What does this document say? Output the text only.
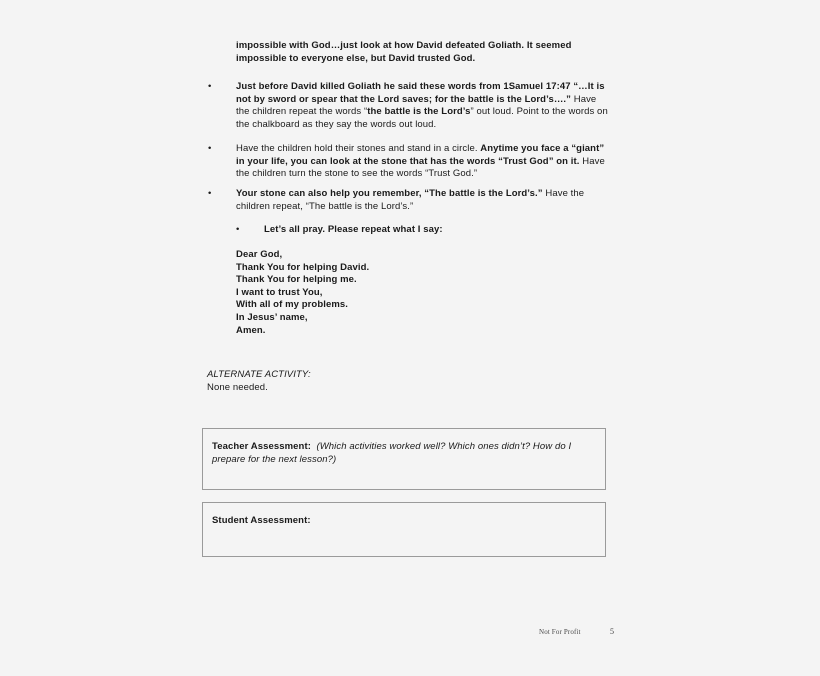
impossible with God…just look at how David defeated Goliath. It seemed
impossible to everyone else, but David trusted God.
•	Just before David killed Goliath he said these words from 1Samuel 17:47 “…It is not by sword or spear that the Lord saves; for the battle is the Lord’s….” Have the children repeat the words “the battle is the Lord’s” out loud. Point to the words on the chalkboard as they say the words out loud.
•	Have the children hold their stones and stand in a circle. Anytime you face a “giant” in your life, you can look at the stone that has the words “Trust God” on it. Have the children turn the stone to see the words “Trust God.”
•	Your stone can also help you remember, “The battle is the Lord’s.” Have the children repeat, “The battle is the Lord’s.”
•	Let’s all pray. Please repeat what I say:
Dear God,
Thank You for helping David.
Thank You for helping me.
I want to trust You,
With all of my problems.
In Jesus’ name,
Amen.
ALTERNATE ACTIVITY:
None needed.
Teacher Assessment: (Which activities worked well? Which ones didn’t? How do I prepare for the next lesson?)
Student Assessment:
Not For Profit	5
